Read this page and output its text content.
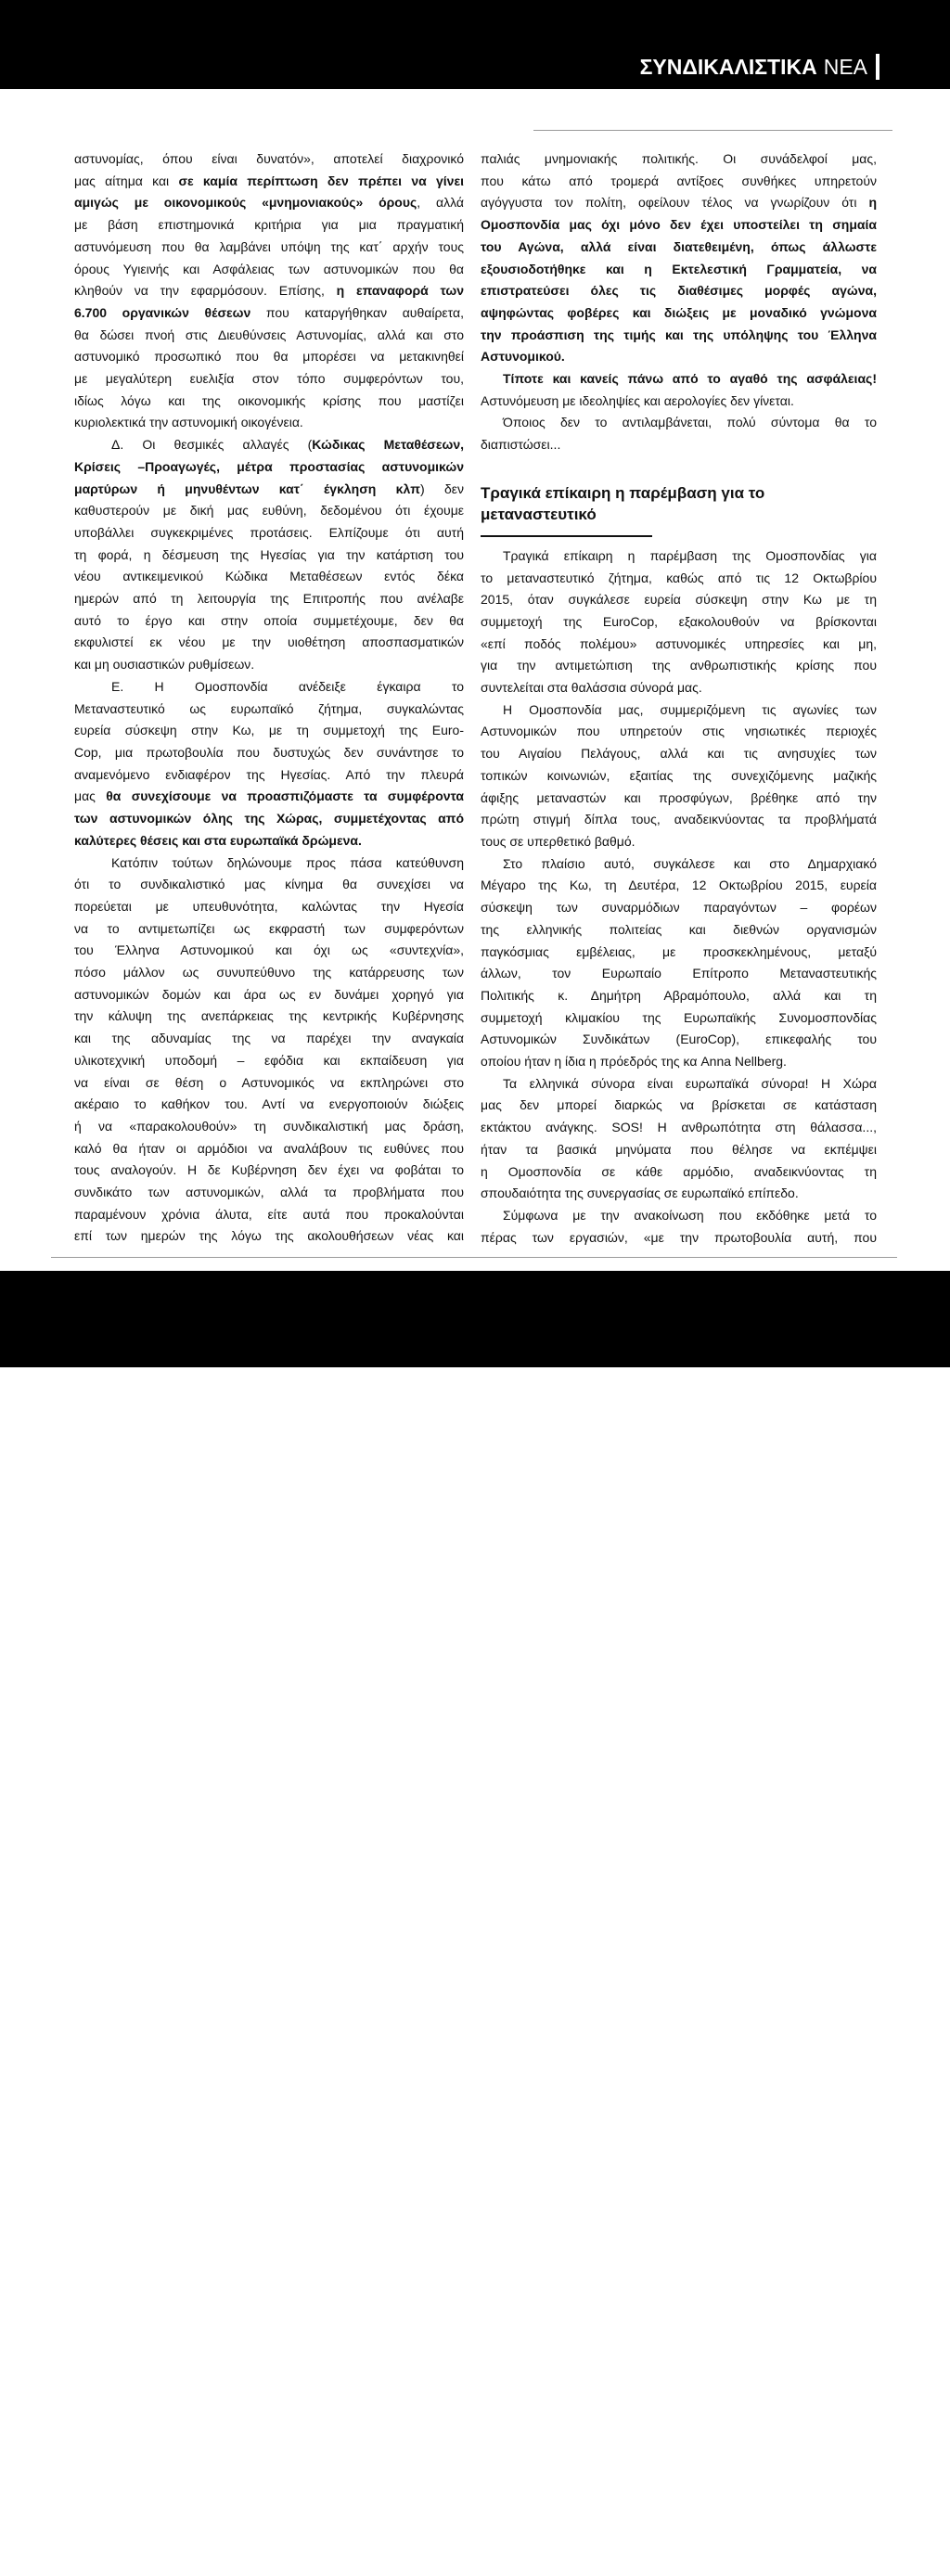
ΣΥΝΔΙΚΑΛΙΣΤΙΚΑ ΝΕΑ
αστυνομίας, όπου είναι δυνατόν», αποτελεί διαχρονικό
μας αίτημα και σε καμία περίπτωση δεν πρέπει να γίνει
αμιγώς με οικονομικούς «μνημονιακούς» όρους, αλλά
με βάση επιστημονικά κριτήρια για μια πραγματική
αστυνόμευση που θα λαμβάνει υπόψη της κατ΄ αρχήν τους
όρους Υγιεινής και Ασφάλειας των αστυνομικών που θα
κληθούν να την εφαρμόσουν. Επίσης, η επαναφορά των
6.700 οργανικών θέσεων που καταργήθηκαν αυθαίρετα,
θα δώσει πνοή στις Διευθύνσεις Αστυνομίας, αλλά και στο
αστυνομικό προσωπικό που θα μπορέσει να μετακινηθεί
με μεγαλύτερη ευελιξία στον τόπο συμφερόντων του,
ιδίως λόγω και της οικονομικής κρίσης που μαστίζει
κυριολεκτικά την αστυνομική οικογένεια.
Δ. Οι θεσμικές αλλαγές (Κώδικας Μεταθέσεων,
Κρίσεις –Προαγωγές, μέτρα προστασίας αστυνομικών
μαρτύρων ή μηνυθέντων κατ΄ έγκληση κλπ) δεν
καθυστερούν με δική μας ευθύνη, δεδομένου ότι έχουμε
υποβάλλει συγκεκριμένες προτάσεις. Ελπίζουμε ότι αυτή
τη φορά, η δέσμευση της Ηγεσίας για την κατάρτιση του
νέου αντικειμενικού Κώδικα Μεταθέσεων εντός δέκα
ημερών από τη λειτουργία της Επιτροπής που ανέλαβε
αυτό το έργο και στην οποία συμμετέχουμε, δεν θα
εκφυλιστεί εκ νέου με την υιοθέτηση αποσπασματικών
και μη ουσιαστικών ρυθμίσεων.
Ε. Η Ομοσπονδία ανέδειξε έγκαιρα το
Μεταναστευτικό ως ευρωπαϊκό ζήτημα, συγκαλώντας
ευρεία σύσκεψη στην Κω, με τη συμμετοχή της Euro-
Cop, μια πρωτοβουλία που δυστυχώς δεν συνάντησε το
αναμενόμενο ενδιαφέρον της Ηγεσίας. Από την πλευρά
μας θα συνεχίσουμε να προασπιζόμαστε τα συμφέροντα
των αστυνομικών όλης της Χώρας, συμμετέχοντας από
καλύτερες θέσεις και στα ευρωπαϊκά δρώμενα.
Κατόπιν τούτων δηλώνουμε προς πάσα κατεύθυνση
ότι το συνδικαλιστικό μας κίνημα θα συνεχίσει να
πορεύεται με υπευθυνότητα, καλώντας την Ηγεσία
να το αντιμετωπίζει ως εκφραστή των συμφερόντων
του Έλληνα Αστυνομικού και όχι ως «συντεχνία»,
πόσο μάλλον ως συνυπεύθυνο της κατάρρευσης των
αστυνομικών δομών και άρα ως εν δυνάμει χορηγό για
την κάλυψη της ανεπάρκειας της κεντρικής Κυβέρνησης
και της αδυναμίας της να παρέχει την αναγκαία
υλικοτεχνική υποδομή – εφόδια και εκπαίδευση για
να είναι σε θέση ο Αστυνομικός να εκπληρώνει στο
ακέραιο το καθήκον του. Αντί να ενεργοποιούν διώξεις
ή να «παρακολουθούν» τη συνδικαλιστική μας δράση,
καλό θα ήταν οι αρμόδιοι να αναλάβουν τις ευθύνες που
τους αναλογούν. Η δε Κυβέρνηση δεν έχει να φοβάται το
συνδικάτο των αστυνομικών, αλλά τα προβλήματα που
παραμένουν χρόνια άλυτα, είτε αυτά που προκαλούνται
επί των ημερών της λόγω της ακολουθήσεων νέας και
παλιάς μνημονιακής πολιτικής. Οι συνάδελφοί μας,
που κάτω από τρομερά αντίξοες συνθήκες υπηρετούν
αγόγγυστα τον πολίτη, οφείλουν τέλος να γνωρίζουν ότι η
Ομοσπονδία μας όχι μόνο δεν έχει υποστείλει τη σημαία
του Αγώνα, αλλά είναι διατεθειμένη, όπως άλλωστε
εξουσιοδοτήθηκε και η Εκτελεστική Γραμματεία, να
επιστρατεύσει όλες τις διαθέσιμες μορφές αγώνα,
αψηφώντας φοβέρες και διώξεις με μοναδικό γνώμονα
την προάσπιση της τιμής και της υπόληψης του Έλληνα
Αστυνομικού.
Τίποτε και κανείς πάνω από το αγαθό της ασφάλειας!
Αστυνόμευση με ιδεοληψίες και αερολογίες δεν γίνεται.
Όποιος δεν το αντιλαμβάνεται, πολύ σύντομα θα το
διαπιστώσει...
Τραγικά επίκαιρη η παρέμβαση για το
μεταναστευτικό
Τραγικά επίκαιρη η παρέμβαση της Ομοσπονδίας για
το μεταναστευτικό ζήτημα, καθώς από τις 12 Οκτωβρίου
2015, όταν συγκάλεσε ευρεία σύσκεψη στην Κω με τη
συμμετοχή της EuroCop, εξακολουθούν να βρίσκονται
«επί ποδός πολέμου» αστυνομικές υπηρεσίες και μη,
για την αντιμετώπιση της ανθρωπιστικής κρίσης που
συντελείται στα θαλάσσια σύνορά μας.
Η Ομοσπονδία μας, συμμεριζόμενη τις αγωνίες των
Αστυνομικών που υπηρετούν στις νησιωτικές περιοχές
του Αιγαίου Πελάγους, αλλά και τις ανησυχίες των
τοπικών κοινωνιών, εξαιτίας της συνεχιζόμενης μαζικής
άφιξης μεταναστών και προσφύγων, βρέθηκε από την
πρώτη στιγμή δίπλα τους, αναδεικνύοντας τα προβλήματά
τους σε υπερθετικό βαθμό.
Στο πλαίσιο αυτό, συγκάλεσε και στο Δημαρχιακό
Μέγαρο της Κω, τη Δευτέρα, 12 Οκτωβρίου 2015, ευρεία
σύσκεψη των συναρμόδιων παραγόντων – φορέων
της ελληνικής πολιτείας και διεθνών οργανισμών
παγκόσμιας εμβέλειας, με προσκεκλημένους, μεταξύ
άλλων, τον Ευρωπαίο Επίτροπο Μεταναστευτικής
Πολιτικής κ. Δημήτρη Αβραμόπουλο, αλλά και τη
συμμετοχή κλιμακίου της Ευρωπαϊκής Συνομοσπονδίας
Αστυνομικών Συνδικάτων (EuroCop), επικεφαλής του
οποίου ήταν η ίδια η πρόεδρός της κα Anna Nellberg.
Τα ελληνικά σύνορα είναι ευρωπαϊκά σύνορα! Η Χώρα
μας δεν μπορεί διαρκώς να βρίσκεται σε κατάσταση
εκτάκτου ανάγκης. SOS! Η ανθρωπότητα στη θάλασσα...,
ήταν τα βασικά μηνύματα που θέλησε να εκπέμψει
η Ομοσπονδία σε κάθε αρμόδιο, αναδεικνύοντας τη
σπουδαιότητα της συνεργασίας σε ευρωπαϊκό επίπεδο.
Σύμφωνα με την ανακοίνωση που εκδόθηκε μετά το
πέρας των εργασιών, «με την πρωτοβουλία αυτή, που
ΝΟΕΜΒΡΙΟΣ-ΔΕΚΕΜΒΡΙΟΣ 2015 ΑΣΤΥΝΟΜΙΚΗ ΑΝΑΣΚΟΠΗΣΗ 93
